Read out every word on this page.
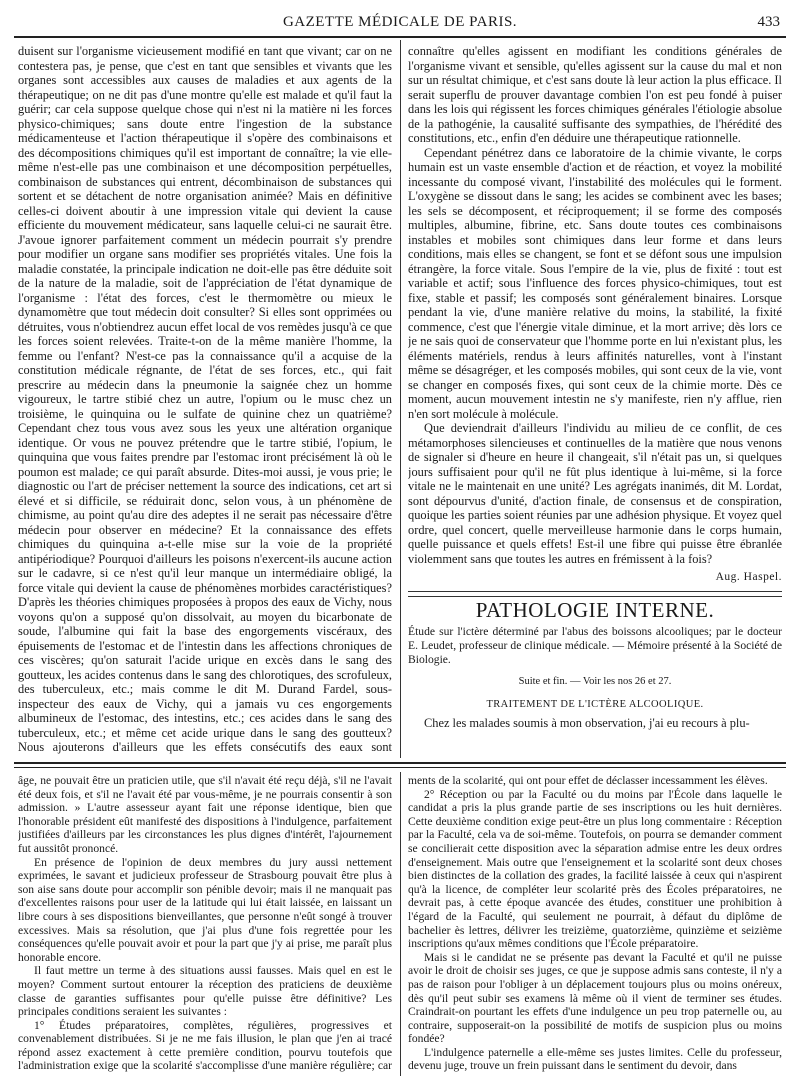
GAZETTE MÉDICALE DE PARIS.	433

duisent sur l'organisme vicieusement modifié en tant que vivant; car on ne contestera pas, je pense, que c'est en tant que sensibles et vivants que les organes sont accessibles aux causes de maladies et aux agents de la thérapeutique; on ne dit pas d'une montre qu'elle est malade et qu'il faut la guérir; car cela suppose quelque chose qui n'est ni la matière ni les forces physico-chimiques; sans doute entre l'ingestion de la substance médicamenteuse et l'action thérapeutique il s'opère des combinaisons et des décompositions chimiques qu'il est important de connaître; la vie elle-même n'est-elle pas une combinaison et une décomposition perpétuelles, combinaison de substances qui entrent, décombinaison de substances qui sortent et se détachent de notre organisation animée? Mais en définitive celles-ci doivent aboutir à une impression vitale qui devient la cause efficiente du mouvement médicateur, sans laquelle celui-ci ne saurait être. J'avoue ignorer parfaitement comment un médecin pourrait s'y prendre pour modifier un organe sans modifier ses propriétés vitales. Une fois la maladie constatée, la principale indication ne doit-elle pas être déduite soit de la nature de la maladie, soit de l'appréciation de l'état dynamique de l'organisme : l'état des forces, c'est le thermomètre ou mieux le dynamomètre que tout médecin doit consulter? Si elles sont opprimées ou détruites, vous n'obtiendrez aucun effet local de vos remèdes jusqu'à ce que les forces soient relevées. Traite-t-on de la même manière l'homme, la femme ou l'enfant? N'est-ce pas la connaissance qu'il a acquise de la constitution médicale régnante, de l'état de ses forces, etc., qui fait prescrire au médecin dans la pneumonie la saignée chez un homme vigoureux, le tartre stibié chez un autre, l'opium ou le musc chez un troisième, le quinquina ou le sulfate de quinine chez un quatrième? Cependant chez tous vous avez sous les yeux une altération organique identique. Or vous ne pouvez prétendre que le tartre stibié, l'opium, le quinquina que vous faites prendre par l'estomac iront précisément là où le poumon est malade; ce qui paraît absurde. Dites-moi aussi, je vous prie; le diagnostic ou l'art de préciser nettement la source des indications, cet art si élevé et si difficile, se réduirait donc, selon vous, à un phénomène de chimisme, au point qu'au dire des adeptes il ne serait pas nécessaire d'être médecin pour observer en médecine? Et la connaissance des effets chimiques du quinquina a-t-elle mise sur la voie de la propriété antipériodique? Pourquoi d'ailleurs les poisons n'exercent-ils aucune action sur le cadavre, si ce n'est qu'il leur manque un intermédiaire obligé, la force vitale qui devient la cause de phénomènes morbides caractéristiques? D'après les théories chimiques proposées à propos des eaux de Vichy, nous voyons qu'on a supposé qu'on dissolvait, au moyen du bicarbonate de soude, l'albumine qui fait la base des engorgements viscéraux, des épuisements de l'estomac et de l'intestin dans les affections chroniques de ces viscères; qu'on saturait l'acide urique en excès dans le sang des goutteux, les acides contenus dans le sang des chlorotiques, des scrofuleux, des tuberculeux, etc.; mais comme le dit M. Durand Fardel, sous-inspecteur des eaux de Vichy, qui a jamais vu ces engorgements albumineux de l'estomac, des intestins, etc.; ces acides dans le sang des tuberculeux, etc.; et même cet acide urique dans le sang des goutteux? Nous ajouterons d'ailleurs que les effets consécutifs des eaux sont

connaître qu'elles agissent en modifiant les conditions générales de l'organisme vivant et sensible, qu'elles agissent sur la cause du mal et non sur un résultat chimique, et c'est sans doute là leur action la plus efficace. Il serait superflu de prouver davantage combien l'on est peu fondé à puiser dans les lois qui régissent les forces chimiques générales l'étiologie absolue de la pathogénie, la causalité suffisante des sympathies, de l'hérédité des constitutions, etc., enfin d'en déduire une thérapeutique rationnelle.

Cependant pénétrez dans ce laboratoire de la chimie vivante, le corps humain est un vaste ensemble d'action et de réaction, et voyez la mobilité incessante du composé vivant, l'instabilité des molécules qui le forment. L'oxygène se dissout dans le sang; les acides se combinent avec les bases; les sels se décomposent, et réciproquement; il se forme des composés multiples, albumine, fibrine, etc. Sans doute toutes ces combinaisons instables et mobiles sont chimiques dans leur forme et dans leurs conditions, mais elles se changent, se font et se défont sous une impulsion étrangère, la force vitale. Sous l'empire de la vie, plus de fixité : tout est variable et actif; sous l'influence des forces physico-chimiques, tout est fixe, stable et passif; les composés sont généralement binaires. Lorsque pendant la vie, d'une manière relative du moins, la stabilité, la fixité commence, c'est que l'énergie vitale diminue, et la mort arrive; dès lors ce je ne sais quoi de conservateur que l'homme porte en lui n'existant plus, les éléments matériels, rendus à leurs affinités naturelles, vont à l'instant même se désagréger, et les composés mobiles, qui sont ceux de la vie, vont se changer en composés fixes, qui sont ceux de la chimie morte. Dès ce moment, aucun mouvement intestin ne s'y manifeste, rien n'y afflue, rien n'en sort molécule à molécule.

Que deviendrait d'ailleurs l'individu au milieu de ce conflit, de ces métamorphoses silencieuses et continuelles de la matière que nous venons de signaler si d'heure en heure il changeait, s'il n'était pas un, si quelques jours suffisaient pour qu'il ne fût plus identique à lui-même, si la force vitale ne le maintenait en une unité? Les agrégats inanimés, dit M. Lordat, sont dépourvus d'unité, d'action finale, de consensus et de conspiration, quoique les parties soient réunies par une adhésion physique. Et voyez quel ordre, quel concert, quelle merveilleuse harmonie dans le corps humain, quelle puissance et quels effets! Est-il une fibre qui puisse être ébranlée violemment sans que toutes les autres en frémissent à la fois?

Aug. Haspel.
PATHOLOGIE INTERNE.
Étude sur l'ictère déterminé par l'abus des boissons alcooliques; par le docteur E. Leudet, professeur de clinique médicale. — Mémoire présenté à la Société de Biologie.
Suite et fin. — Voir les nos 26 et 27.
TRAITEMENT DE L'ICTÈRE ALCOOLIQUE.

Chez les malades soumis à mon observation, j'ai eu recours à plu-

âge, ne pouvait être un praticien utile, que s'il n'avait été reçu déjà, s'il ne l'avait été deux fois, et s'il ne l'avait été par vous-même, je ne pourrais consentir à son admission. » L'autre assesseur ayant fait une réponse identique, bien que l'honorable président eût manifesté des dispositions à l'indulgence, parfaitement justifiées d'ailleurs par les circonstances les plus dignes d'intérêt, l'ajournement fut aussitôt prononcé.

En présence de l'opinion de deux membres du jury aussi nettement exprimées, le savant et judicieux professeur de Strasbourg pouvait être plus à son aise sans doute pour accomplir son pénible devoir; mais il ne manquait pas d'excellentes raisons pour user de la latitude qui lui était laissée, en laissant un libre cours à ses dispositions bienveillantes, que personne n'eût songé à trouver excessives. Mais sa résolution, que j'ai plus d'une fois regrettée pour les conséquences qu'elle pouvait avoir et pour la part que j'y ai prise, me paraît plus honorable encore.

Il faut mettre un terme à des situations aussi fausses. Mais quel en est le moyen? Comment surtout entourer la réception des praticiens de deuxième classe de garanties suffisantes pour qu'elle puisse être définitive? Les principales conditions seraient les suivantes :

1° Études préparatoires, complètes, régulières, progressives et convenablement distribuées. Si je ne me fais illusion, le plan que j'en ai tracé répond assez exactement à cette première condition, pourvu toutefois que l'administration exige que la scolarité s'accomplisse d'une manière régulière; car

ments de la scolarité, qui ont pour effet de déclasser incessamment les élèves.

2° Réception ou par la Faculté ou du moins par l'École dans laquelle le candidat a pris la plus grande partie de ses inscriptions ou les huit dernières. Cette deuxième condition exige peut-être un plus long commentaire : Réception par la Faculté, cela va de soi-même. Toutefois, on pourra se demander comment se concilierait cette disposition avec la séparation admise entre les deux ordres d'enseignement. Mais outre que l'enseignement et la scolarité sont deux choses bien distinctes de la collation des grades, la facilité laissée à ceux qui n'aspirent qu'à la licence, de compléter leur scolarité près des Écoles préparatoires, ne devrait pas, à cette époque avancée des études, constituer une prohibition à l'égard de la Faculté, qui seulement ne pourrait, à défaut du diplôme de bachelier ès lettres, délivrer les treizième, quatorzième, quinzième et seizième inscriptions qu'aux mêmes conditions que l'École préparatoire.

Mais si le candidat ne se présente pas devant la Faculté et qu'il ne puisse avoir le droit de choisir ses juges, ce que je suppose admis sans conteste, il n'y a pas de raison pour l'obliger à un déplacement toujours plus ou moins onéreux, dès qu'il peut subir ses examens là même où il vient de terminer ses études. Craindrait-on pourtant les effets d'une indulgence un peu trop paternelle ou, au contraire, supposerait-on la possibilité de motifs de suspicion plus ou moins fondée?

L'indulgence paternelle a elle-même ses justes limites. Celle du professeur, devenu juge, trouve un frein puissant dans le sentiment du devoir, dans
